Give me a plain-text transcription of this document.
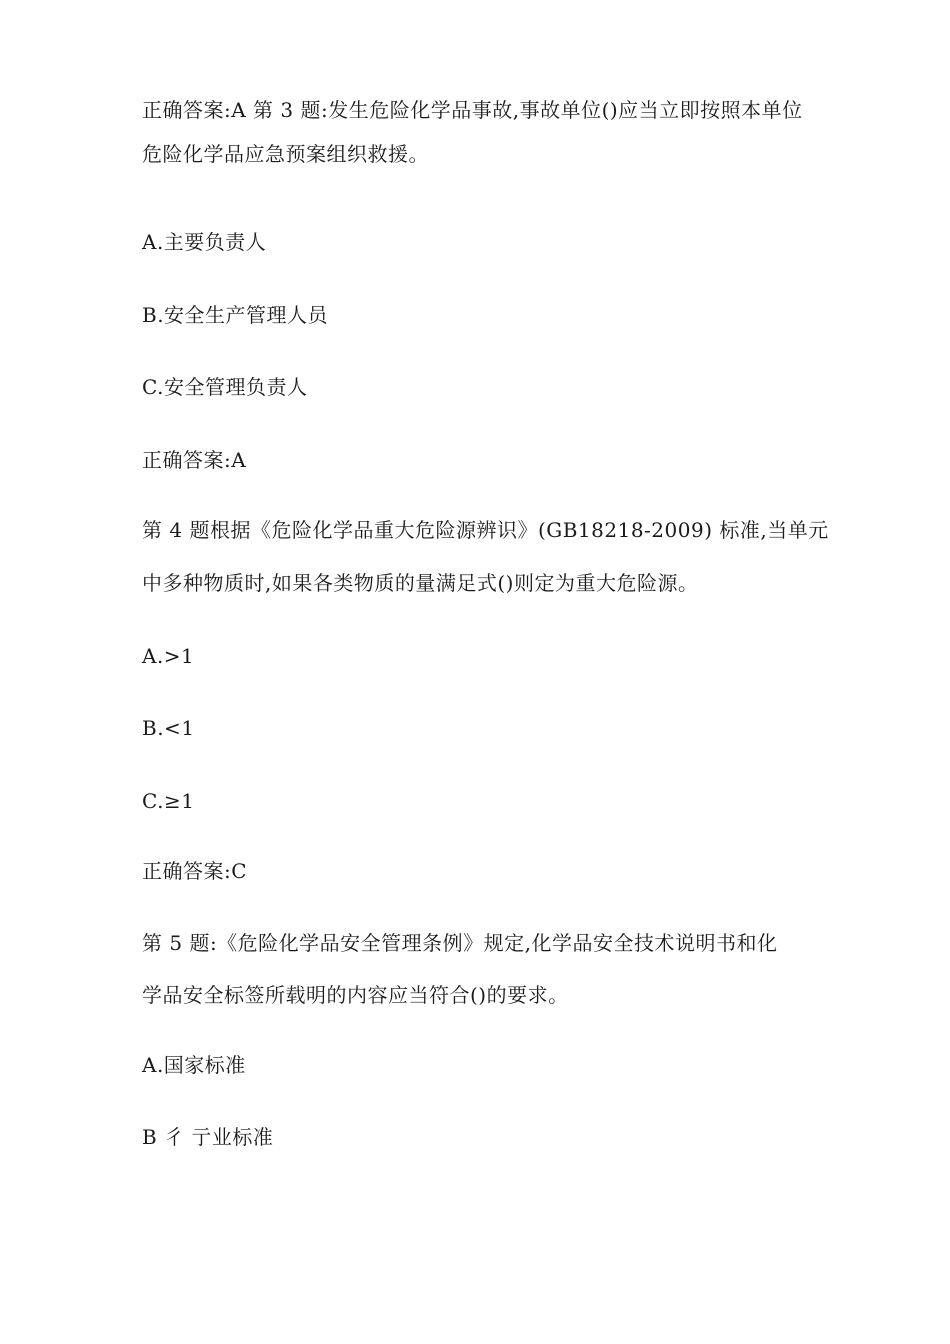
正确答案:A 第 3 题:发生危险化学品事故,事故单位()应当立即按照本单位
危险化学品应急预案组织救援。
A.主要负责人
B.安全生产管理人员
C.安全管理负责人
正确答案:A
第 4 题根据《危险化学品重大危险源辨识》(GB18218-2009) 标准,当单元
中多种物质时,如果各类物质的量满足式()则定为重大危险源。
A.>1
B.<1
C.≥1
正确答案:C
第 5 题:《危险化学品安全管理条例》规定,化学品安全技术说明书和化
学品安全标签所载明的内容应当符合()的要求。
A.国家标准
B 彳 亍业标准
